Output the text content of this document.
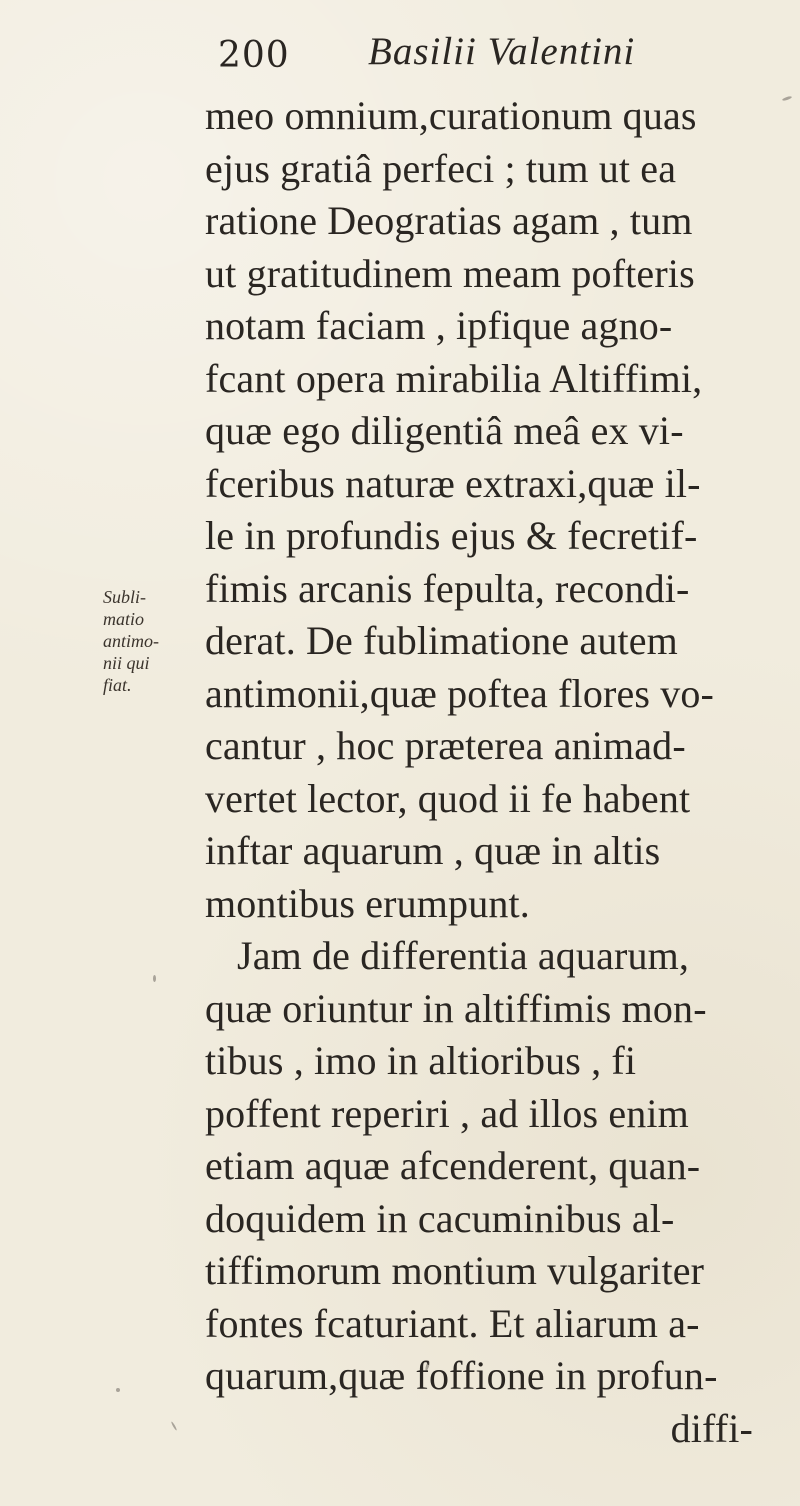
200 Basilii Valentini
Subli-
matio
antimo-
nii qui
fiat.
meo omnium,curationum quas
ejus gratiâ perfeci ; tum ut ea
ratione Deogratias agam , tum
ut gratitudinem meam pofteris
notam faciam , ipfique agno-
fcant opera mirabilia Altiffimi,
quæ ego diligentiâ meâ ex vi-
fceribus naturæ extraxi,quæ il-
le in profundis ejus & fecretif-
fimis arcanis fepulta, recondi-
derat. De fublimatione autem
antimonii,quæ poftea flores vo-
cantur , hoc præterea animad-
vertet lector, quod ii fe habent
inftar aquarum , quæ in altis
montibus erumpunt.
Jam de differentia aquarum,
quæ oriuntur in altiffimis mon-
tibus , imo in altioribus , fi
poffent reperiri , ad illos enim
etiam aquæ afcenderent, quan-
doquidem in cacuminibus al-
tiffimorum montium vulgariter
fontes fcaturiant. Et aliarum a-
quarum,quæ foffione in profun-
diffi-
